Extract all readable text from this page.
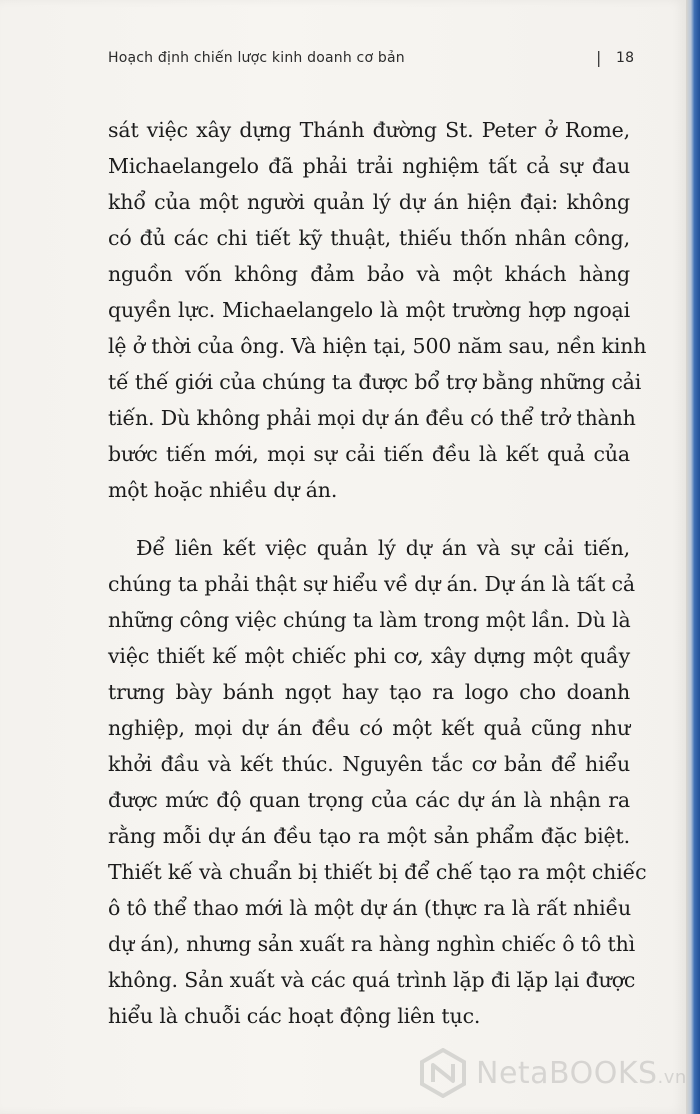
Hoạch định chiến lược kinh doanh cơ bản	| 18
sát việc xây dựng Thánh đường St. Peter ở Rome,
Michaelangelo đã phải trải nghiệm tất cả sự đau
khổ của một người quản lý dự án hiện đại: không
có đủ các chi tiết kỹ thuật, thiếu thốn nhân công,
nguồn vốn không đảm bảo và một khách hàng
quyền lực. Michaelangelo là một trường hợp ngoại
lệ ở thời của ông. Và hiện tại, 500 năm sau, nền kinh
tế thế giới của chúng ta được bổ trợ bằng những cải
tiến. Dù không phải mọi dự án đều có thể trở thành
bước tiến mới, mọi sự cải tiến đều là kết quả của
một hoặc nhiều dự án.
Để liên kết việc quản lý dự án và sự cải tiến,
chúng ta phải thật sự hiểu về dự án. Dự án là tất cả
những công việc chúng ta làm trong một lần. Dù là
việc thiết kế một chiếc phi cơ, xây dựng một quầy
trưng bày bánh ngọt hay tạo ra logo cho doanh
nghiệp, mọi dự án đều có một kết quả cũng như
khởi đầu và kết thúc. Nguyên tắc cơ bản để hiểu
được mức độ quan trọng của các dự án là nhận ra
rằng mỗi dự án đều tạo ra một sản phẩm đặc biệt.
Thiết kế và chuẩn bị thiết bị để chế tạo ra một chiếc
ô tô thể thao mới là một dự án (thực ra là rất nhiều
dự án), nhưng sản xuất ra hàng nghìn chiếc ô tô thì
không. Sản xuất và các quá trình lặp đi lặp lại được
hiểu là chuỗi các hoạt động liên tục.
NetaBOOKS.vn
